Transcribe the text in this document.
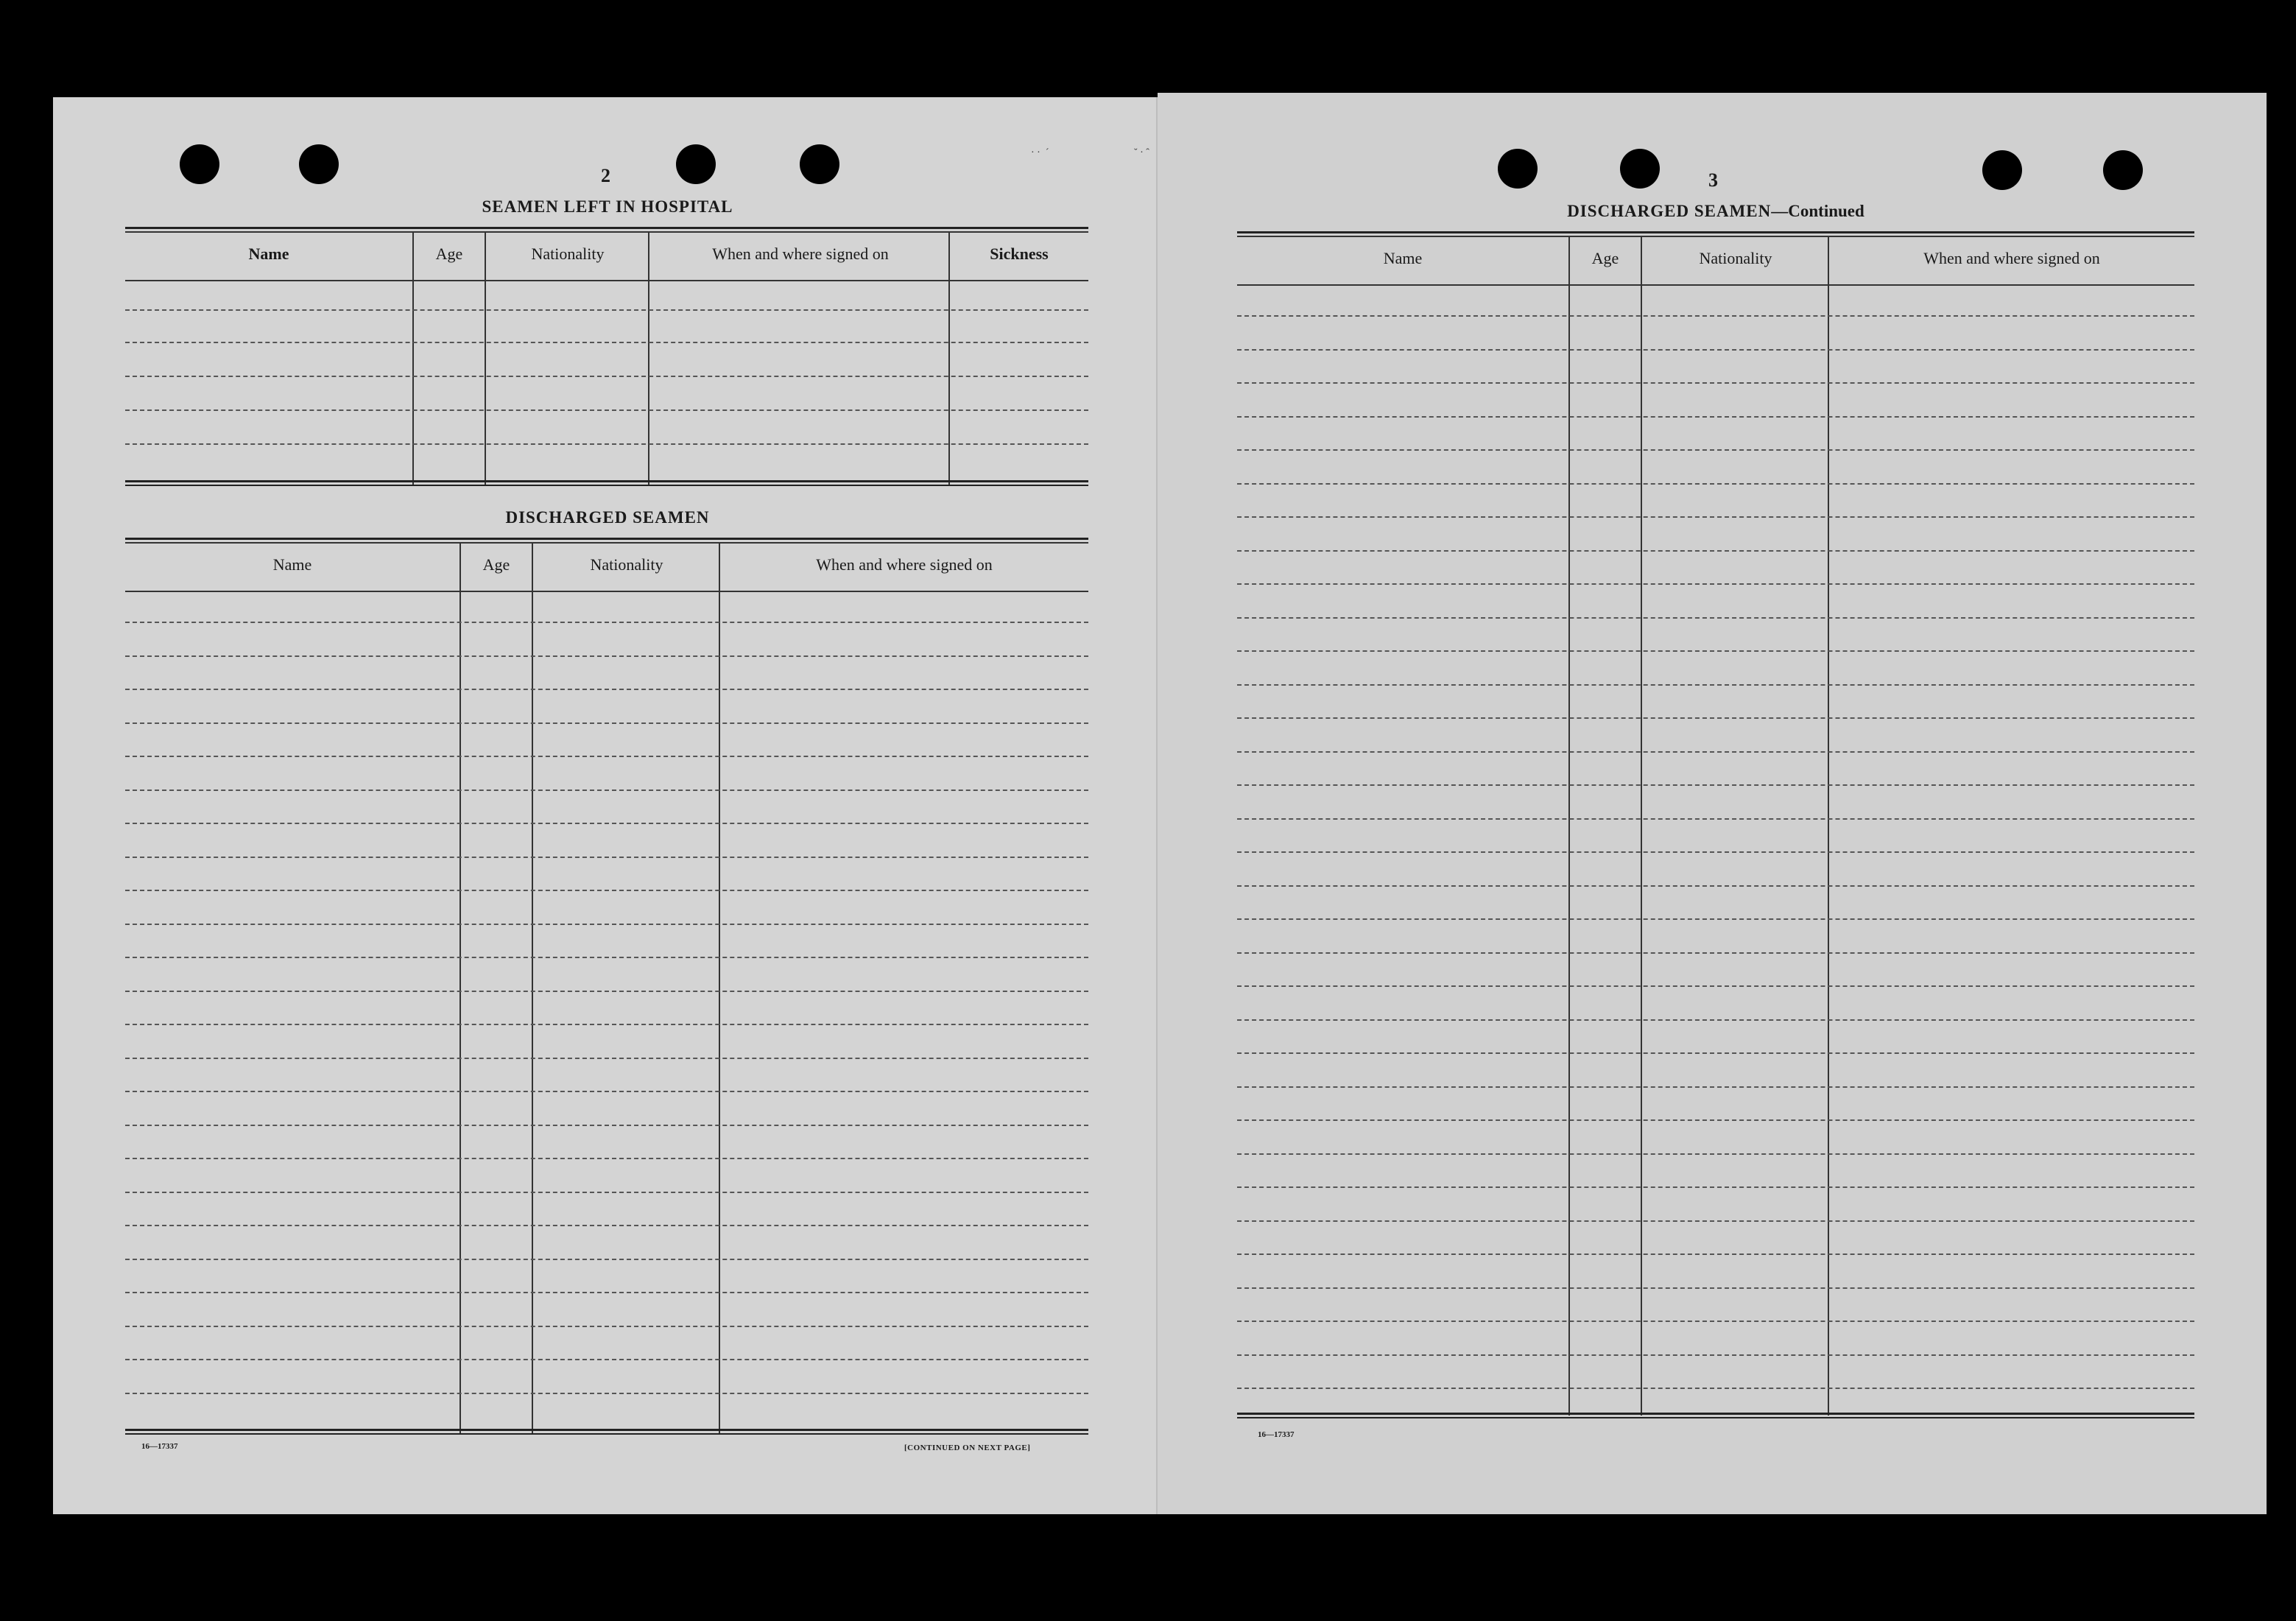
· ·  ´                                 ˘ · ˆ
2
SEAMEN LEFT IN HOSPITAL
Name	Age	Nationality	When and where signed on	Sickness
DISCHARGED SEAMEN
Name	Age	Nationality	When and where signed on
16—17337	[CONTINUED ON NEXT PAGE]
3
DISCHARGED SEAMEN—Continued
Name	Age	Nationality	When and where signed on
16—17337
